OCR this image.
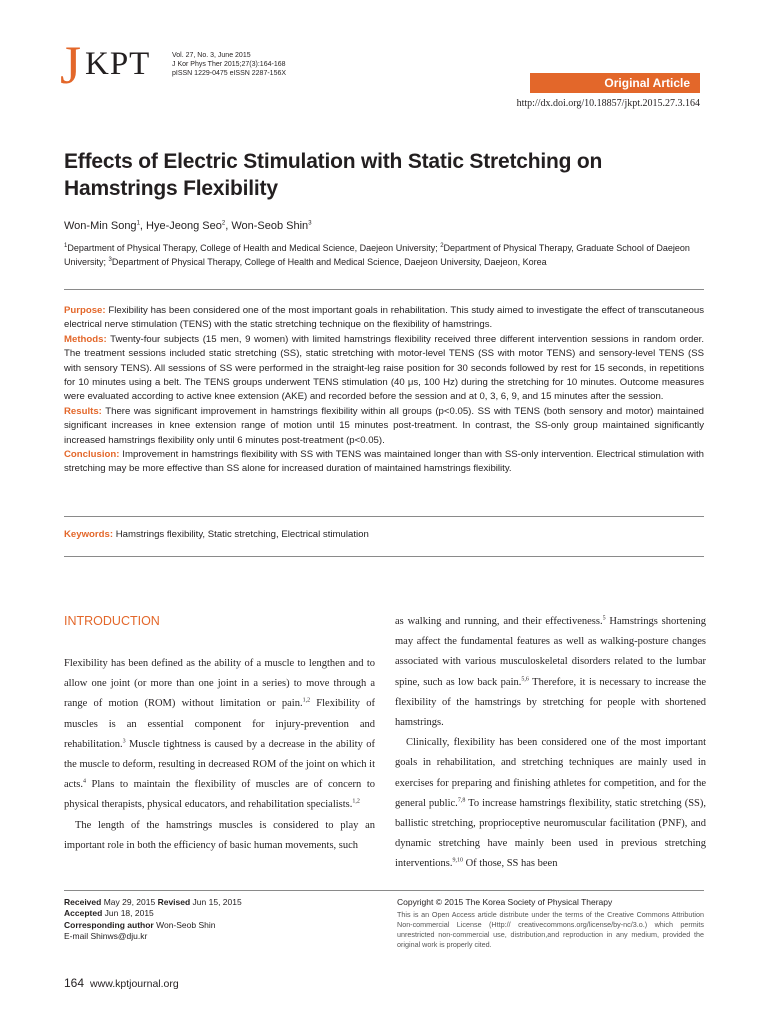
J KPT	Vol. 27, No. 3, June 2015
J Kor Phys Ther 2015;27(3):164-168
pISSN 1229-0475 eISSN 2287-156X
Original Article
http://dx.doi.org/10.18857/jkpt.2015.27.3.164
Effects of Electric Stimulation with Static Stretching on
Hamstrings Flexibility
Won-Min Song$^1$, Hye-Jeong Seo$^2$, Won-Seob Shin$^3$
$^1$Department of Physical Therapy, College of Health and Medical Science, Daejeon University; $^2$Department of Physical Therapy, Graduate School of Daejeon University; $^3$Department of Physical Therapy, College of Health and Medical Science, Daejeon University, Daejeon, Korea

Purpose: Flexibility has been considered one of the most important goals in rehabilitation. This study aimed to investigate the effect of transcutaneous electrical nerve stimulation (TENS) with the static stretching technique on the flexibility of hamstrings.

Methods: Twenty-four subjects (15 men, 9 women) with limited hamstrings flexibility received three different intervention sessions in random order. The treatment sessions included static stretching (SS), static stretching with motor-level TENS (SS with motor TENS) and sensory-level TENS (SS with sensory TENS). All sessions of SS were performed in the straight-leg raise position for 30 seconds followed by rest for 15 seconds, in repetitions for 10 minutes using a belt. The TENS groups underwent TENS stimulation (40 μs, 100 Hz) during the stretching for 10 minutes. Outcome measures were evaluated according to active knee extension (AKE) and recorded before the session and at 0, 3, 6, 9, and 15 minutes after the session.

Results: There was significant improvement in hamstrings flexibility within all groups (p<0.05). SS with TENS (both sensory and motor) maintained significant increases in knee extension range of motion until 15 minutes post-treatment. In contrast, the SS-only group maintained significantly increased hamstrings flexibility only until 6 minutes post-treatment (p<0.05).

Conclusion: Improvement in hamstrings flexibility with SS with TENS was maintained longer than with SS-only intervention. Electrical stimulation with stretching may be more effective than SS alone for increased duration of maintained hamstrings flexibility.

Keywords: Hamstrings flexibility, Static stretching, Electrical stimulation
INTRODUCTION

Flexibility has been defined as the ability of a muscle to lengthen and to allow one joint (or more than one joint in a series) to move through a range of motion (ROM) without limitation or pain.$^{1,2}$ Flexibility of muscles is an essential component for injury-prevention and rehabilitation.$^3$ Muscle tightness is caused by a decrease in the ability of the muscle to deform, resulting in decreased ROM of the joint on which it acts.$^4$ Plans to maintain the flexibility of muscles are of concern to physical therapists, physical educators, and rehabilitation specialists.$^{1,2}$

The length of the hamstrings muscles is considered to play an important role in both the efficiency of basic human movements, such

as walking and running, and their effectiveness.$^5$ Hamstrings shortening may affect the fundamental features as well as walking-posture changes associated with various musculoskeletal disorders related to the lumbar spine, such as low back pain.$^{5,6}$ Therefore, it is necessary to increase the flexibility of the hamstrings by stretching for people with shortened hamstrings.

Clinically, flexibility has been considered one of the most important goals in rehabilitation, and stretching techniques are mainly used in exercises for preparing and finishing athletes for competition, and for the general public.$^{7,8}$ To increase hamstrings flexibility, static stretching (SS), ballistic stretching, proprioceptive neuromuscular facilitation (PNF), and dynamic stretching have mainly been used in previous stretching interventions.$^{9,10}$ Of those, SS has been

Received May 29, 2015 Revised Jun 15, 2015
Accepted Jun 18, 2015
Corresponding author Won-Seob Shin
E-mail Shinws@dju.kr
Copyright © 2015 The Korea Society of Physical Therapy
This is an Open Access article distribute under the terms of the Creative Commons Attribution Non-commercial License (Http:// creativecommons.org/license/by-nc/3.o.) which permits unrestricted non-commercial use, distribution,and reproduction in any medium, provided the original work is properly cited.
164 www.kptjournal.org
